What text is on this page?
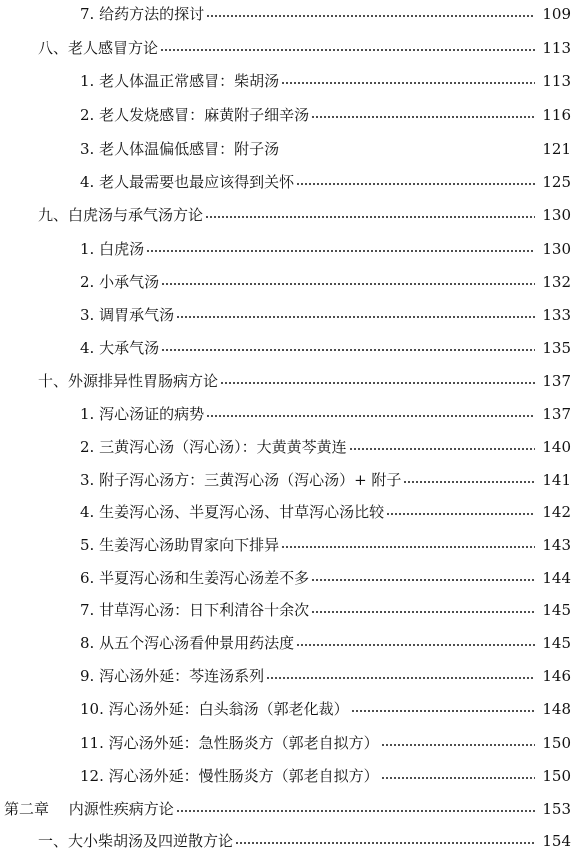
7. 给药方法的探讨	109
八、老人感冒方论	113
1. 老人体温正常感冒：柴胡汤	113
2. 老人发烧感冒：麻黄附子细辛汤	116
3. 老人体温偏低感冒：附子汤	121
4. 老人最需要也最应该得到关怀	125
九、白虎汤与承气汤方论	130
1. 白虎汤	130
2. 小承气汤	132
3. 调胃承气汤	133
4. 大承气汤	135
十、外源排异性胃肠病方论	137
1. 泻心汤证的病势	137
2. 三黄泻心汤（泻心汤）：大黄黄芩黄连	140
3. 附子泻心汤方：三黄泻心汤（泻心汤）+ 附子	141
4. 生姜泻心汤、半夏泻心汤、甘草泻心汤比较	142
5. 生姜泻心汤助胃家向下排异	143
6. 半夏泻心汤和生姜泻心汤差不多	144
7. 甘草泻心汤：日下利清谷十余次	145
8. 从五个泻心汤看仲景用药法度	145
9. 泻心汤外延：芩连汤系列	146
10. 泻心汤外延：白头翁汤（郭老化裁）	148
11. 泻心汤外延：急性肠炎方（郭老自拟方）	150
12. 泻心汤外延：慢性肠炎方（郭老自拟方）	150
第二章　 内源性疾病方论	153
一、大小柴胡汤及四逆散方论	154
